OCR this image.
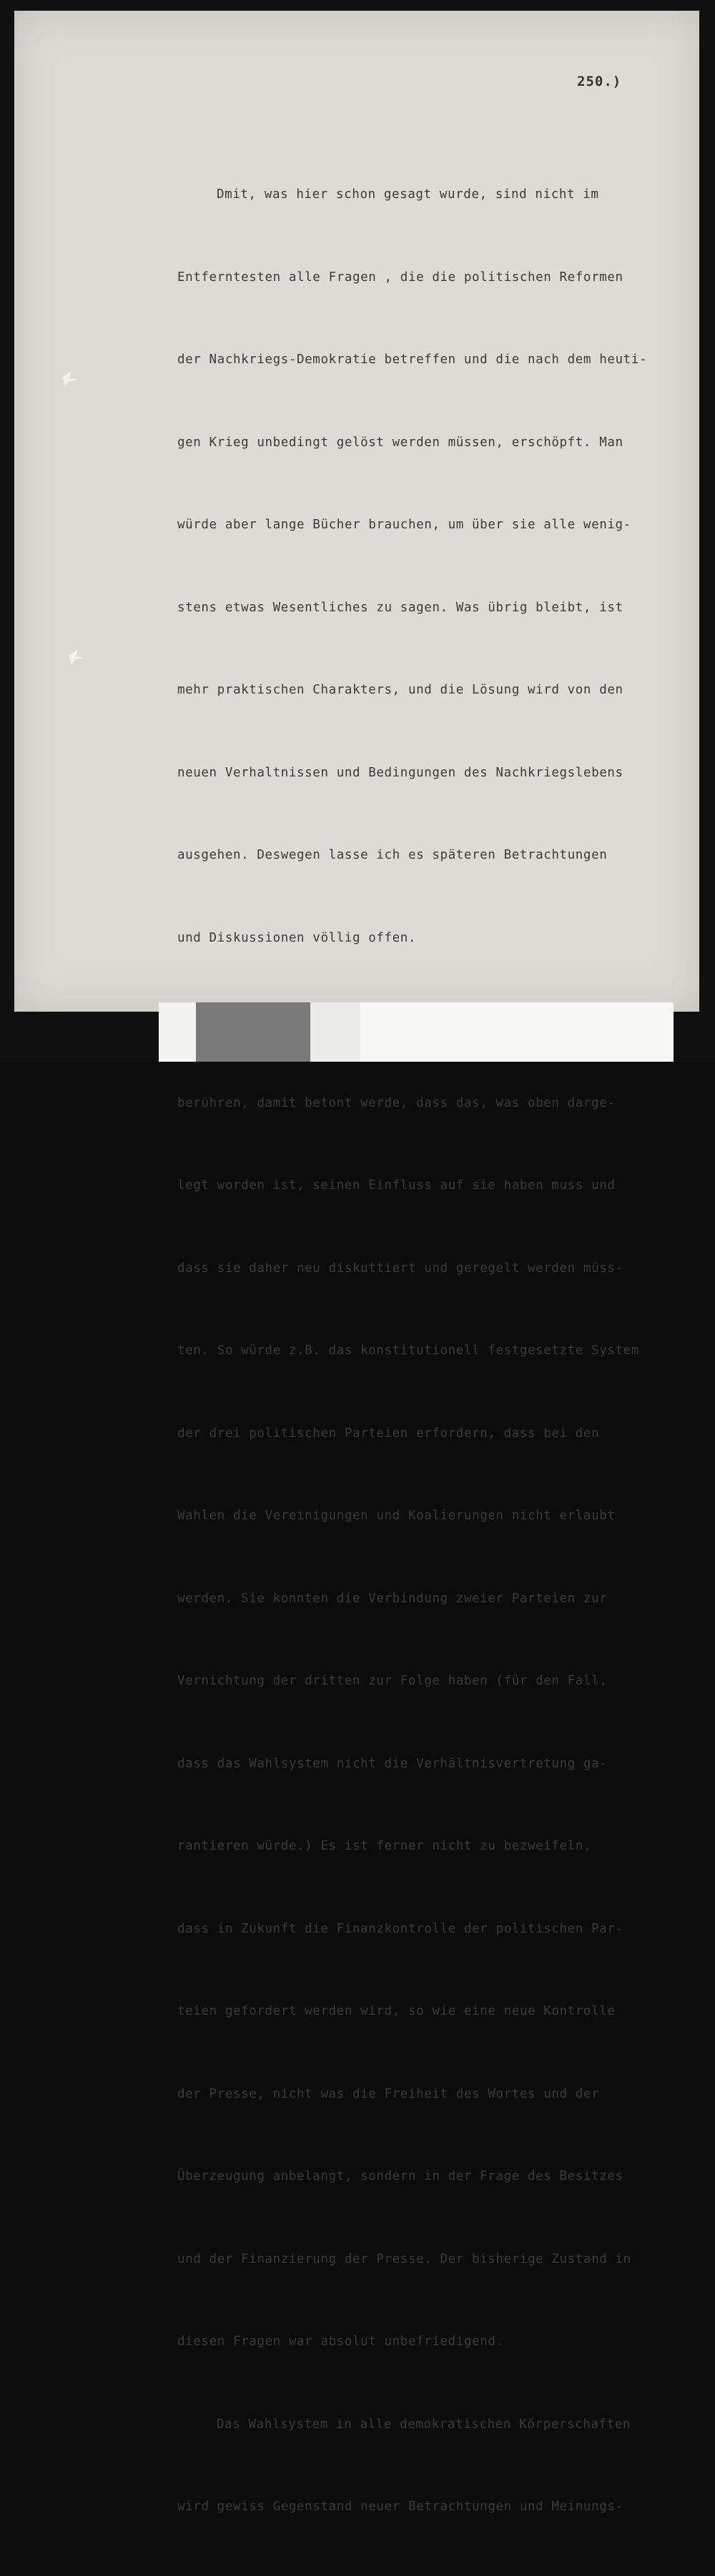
250.)

Dmit, was hier schon gesagt wurde, sind nicht im

Entferntesten alle Fragen , die die politischen Reformen

der Nachkriegs-Demokratie betreffen und die nach dem heuti-

gen Krieg unbedingt gelöst werden müssen, erschöpft. Man

würde aber lange Bücher brauchen, um über sie alle wenig-

stens etwas Wesentliches zu sagen. Was übrig bleibt, ist

mehr praktischen Charakters, und die Lösung wird von den

neuen Verhaltnissen und Bedingungen des Nachkriegslebens

ausgehen. Deswegen lasse ich es späteren Betrachtungen

und Diskussionen völlig offen.

berühren, damit betont werde, dass das, was oben darge-

legt worden ist, seinen Einfluss auf sie haben muss und

dass sie daher neu diskuttiert und geregelt werden müss-

ten. So würde z.B. das konstitutionell festgesetzte System

der drei politischen Parteien erfordern, dass bei den

Wahlen die Vereinigungen und Koalierungen nicht erlaubt

werden. Sie konnten die Verbindung zweier Parteien zur

Vernichtung der dritten zur Folge haben (für den Fall,

dass das Wahlsystem nicht die Verhältnisvertretung ga-

rantieren würde.) Es ist ferner nicht zu bezweifeln,

dass in Zukunft die Finanzkontrolle der politischen Par-

teien gefordert werden wird, so wie eine neue Kontrolle

der Presse, nicht was die Freiheit des Wortes und der

Überzeugung anbelangt, sondern in der Frage des Besitzes

und der Finanzierung der Presse. Der bisherige Zustand in

diesen Fragen war absolut unbefriedigend.

Das Wahlsystem in alle demokratischen Körperschaften

wird gewiss Gegenstand neuer Betrachtungen und Meinungs-
